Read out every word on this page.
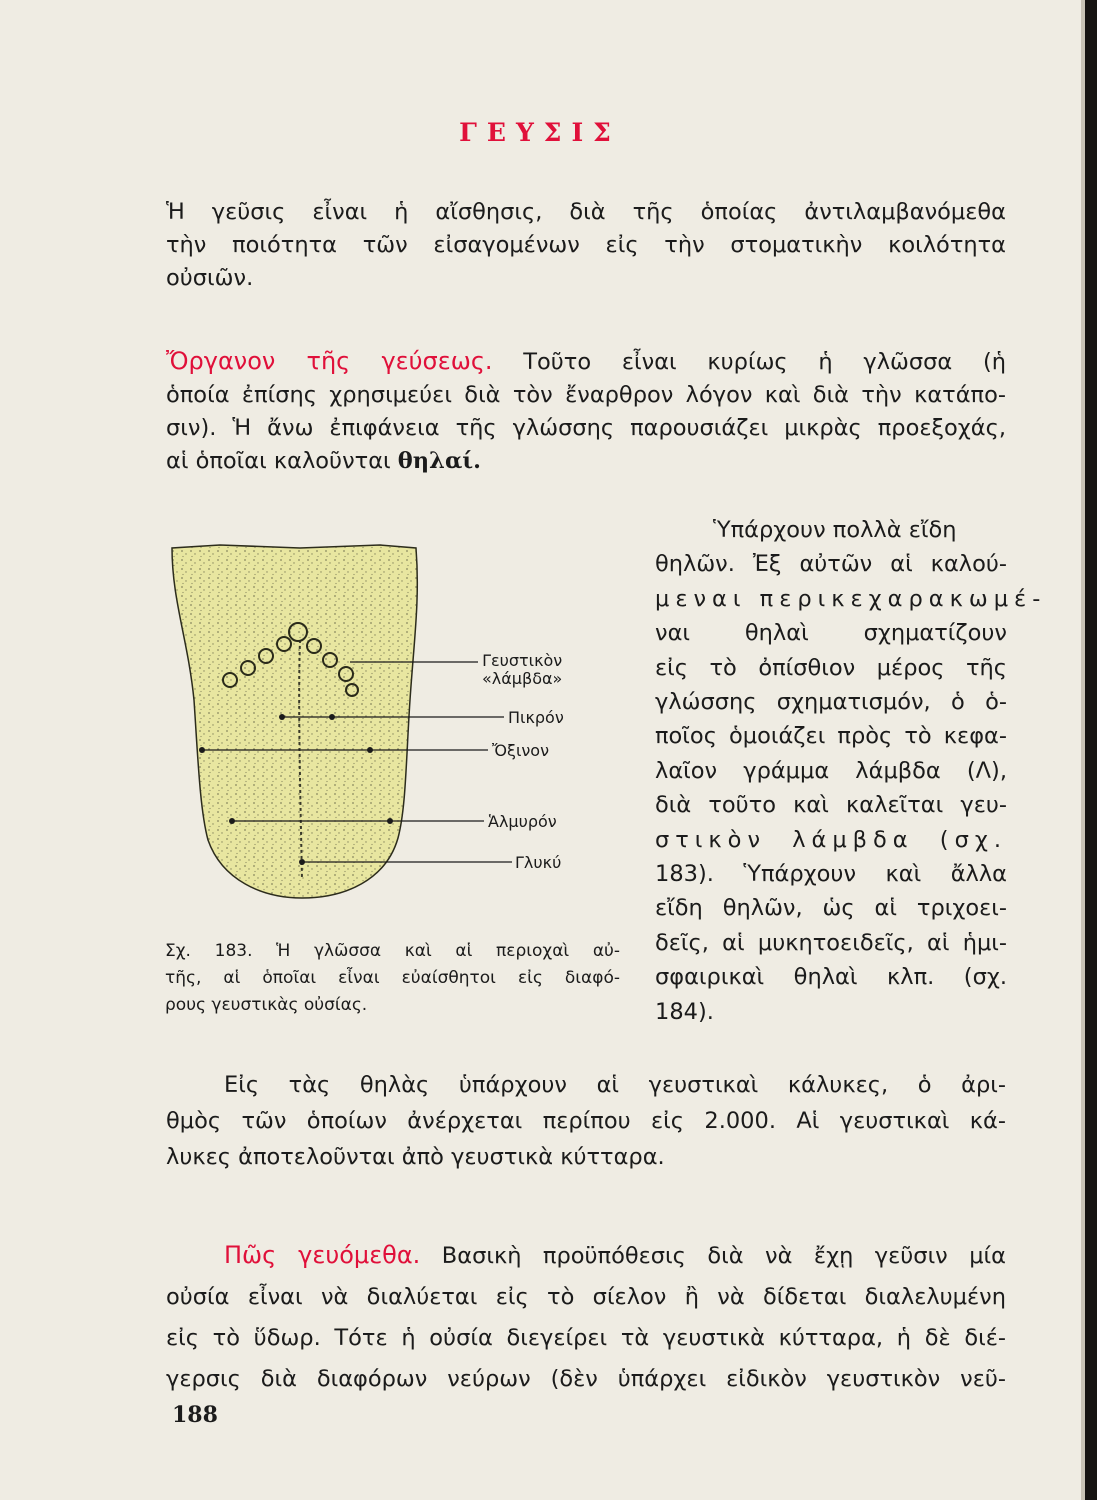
ΓΕΥΣΙΣ
Ἡ γεῦσις εἶναι ἡ αἴσθησις, διὰ τῆς ὁποίας ἀντιλαμβανόμεθα
τὴν ποιότητα τῶν εἰσαγομένων εἰς τὴν στοματικὴν κοιλότητα
οὐσιῶν.
Ὄργανον τῆς γεύσεως. Τοῦτο εἶναι κυρίως ἡ γλῶσσα (ἡ
ὁποία ἐπίσης χρησιμεύει διὰ τὸν ἔναρθρον λόγον καὶ διὰ τὴν κατάπο-
σιν). Ἡ ἄνω ἐπιφάνεια τῆς γλώσσης παρουσιάζει μικρὰς προεξοχάς,
αἱ ὁποῖαι καλοῦνται θηλαί.
Ὑπάρχουν πολλὰ εἴδη
θηλῶν. Ἐξ αὐτῶν αἱ καλού-
μεναι περικεχαρακωμέ-
ναι θηλαὶ σχηματίζουν
εἰς τὸ ὀπίσθιον μέρος τῆς
γλώσσης σχηματισμόν, ὁ ὁ-
ποῖος ὁμοιάζει πρὸς τὸ κεφα-
λαῖον γράμμα λάμβδα (Λ),
διὰ τοῦτο καὶ καλεῖται γευ-
στικὸν λάμβδα (σχ.
183). Ὑπάρχουν καὶ ἄλλα
εἴδη θηλῶν, ὡς αἱ τριχοει-
δεῖς, αἱ μυκητοειδεῖς, αἱ ἡμι-
σφαιρικαὶ θηλαὶ κλπ. (σχ.
184).
Γευστικὸν
«λάμβδα»
Πικρόν
Ὄξινον
Ἁλμυρόν
Γλυκύ
Σχ. 183. Ἡ γλῶσσα καὶ αἱ περιοχαὶ αὐ-
τῆς, αἱ ὁποῖαι εἶναι εὐαίσθητοι εἰς διαφό-
ρους γευστικὰς οὐσίας.
Εἰς τὰς θηλὰς ὑπάρχουν αἱ γευστικαὶ κάλυκες, ὁ ἀρι-
θμὸς τῶν ὁποίων ἀνέρχεται περίπου εἰς 2.000. Αἱ γευστικαὶ κά-
λυκες ἀποτελοῦνται ἀπὸ γευστικὰ κύτταρα.
Πῶς γευόμεθα. Βασικὴ προϋπόθεσις διὰ νὰ ἔχῃ γεῦσιν μία
οὐσία εἶναι νὰ διαλύεται εἰς τὸ σίελον ἢ νὰ δίδεται διαλελυμένη
εἰς τὸ ὕδωρ. Τότε ἡ οὐσία διεγείρει τὰ γευστικὰ κύτταρα, ἡ δὲ διέ-
γερσις διὰ διαφόρων νεύρων (δὲν ὑπάρχει εἰδικὸν γευστικὸν νεῦ-
188
